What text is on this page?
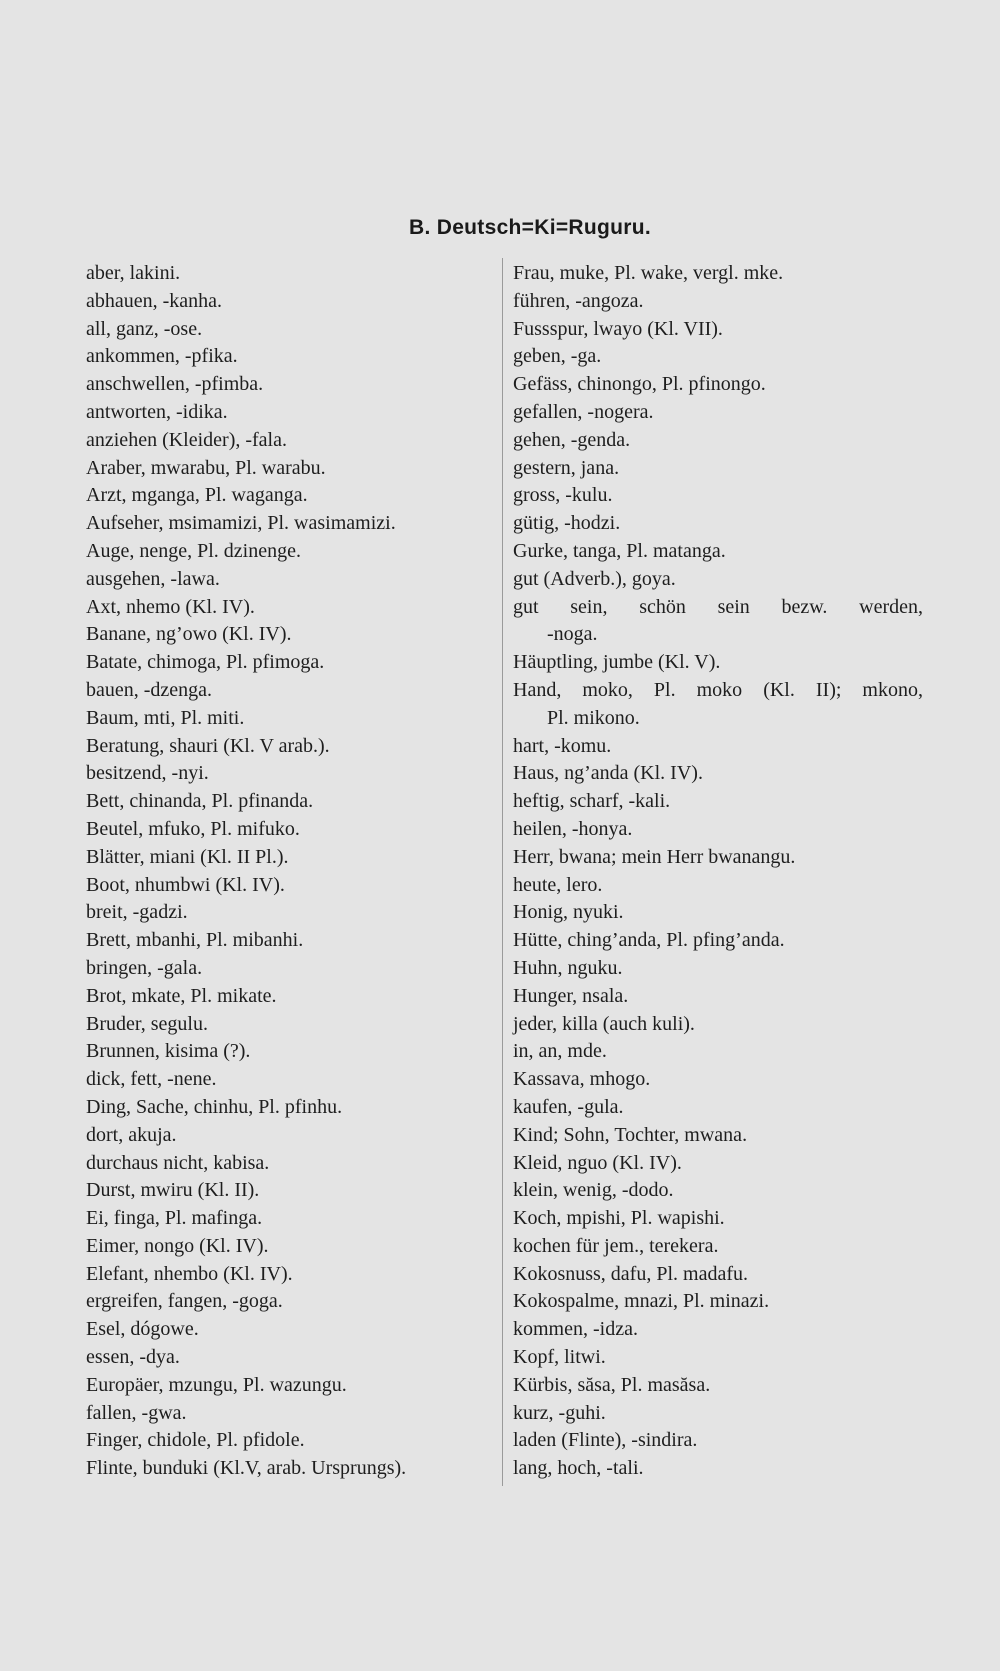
B. Deutsch=Ki=Ruguru.
aber, lakini.
abhauen, -kanha.
all, ganz, -ose.
ankommen, -pfika.
anschwellen, -pfimba.
antworten, -idika.
anziehen (Kleider), -fala.
Araber, mwarabu, Pl. warabu.
Arzt, mganga, Pl. waganga.
Aufseher, msimamizi, Pl. wasimamizi.
Auge, nenge, Pl. dzinenge.
ausgehen, -lawa.
Axt, nhemo (Kl. IV).
Banane, ng’owo (Kl. IV).
Batate, chimoga, Pl. pfimoga.
bauen, -dzenga.
Baum, mti, Pl. miti.
Beratung, shauri (Kl. V arab.).
besitzend, -nyi.
Bett, chinanda, Pl. pfinanda.
Beutel, mfuko, Pl. mifuko.
Blätter, miani (Kl. II Pl.).
Boot, nhumbwi (Kl. IV).
breit, -gadzi.
Brett, mbanhi, Pl. mibanhi.
bringen, -gala.
Brot, mkate, Pl. mikate.
Bruder, segulu.
Brunnen, kisima (?).
dick, fett, -nene.
Ding, Sache, chinhu, Pl. pfinhu.
dort, akuja.
durchaus nicht, kabisa.
Durst, mwiru (Kl. II).
Ei, finga, Pl. mafinga.
Eimer, nongo (Kl. IV).
Elefant, nhembo (Kl. IV).
ergreifen, fangen, -goga.
Esel, dógowe.
essen, -dya.
Europäer, mzungu, Pl. wazungu.
fallen, -gwa.
Finger, chidole, Pl. pfidole.
Flinte, bunduki (Kl.V, arab. Ursprungs).
Frau, muke, Pl. wake, vergl. mke.
führen, -angoza.
Fussspur, lwayo (Kl. VII).
geben, -ga.
Gefäss, chinongo, Pl. pfinongo.
gefallen, -nogera.
gehen, -genda.
gestern, jana.
gross, -kulu.
gütig, -hodzi.
Gurke, tanga, Pl. matanga.
gut (Adverb.), goya.
gut sein, schön sein bezw. werden,
-noga.
Häuptling, jumbe (Kl. V).
Hand, moko, Pl. moko (Kl. II); mkono,
Pl. mikono.
hart, -komu.
Haus, ng’anda (Kl. IV).
heftig, scharf, -kali.
heilen, -honya.
Herr, bwana; mein Herr bwanangu.
heute, lero.
Honig, nyuki.
Hütte, ching’anda, Pl. pfing’anda.
Huhn, nguku.
Hunger, nsala.
jeder, killa (auch kuli).
in, an, mde.
Kassava, mhogo.
kaufen, -gula.
Kind; Sohn, Tochter, mwana.
Kleid, nguo (Kl. IV).
klein, wenig, -dodo.
Koch, mpishi, Pl. wapishi.
kochen für jem., terekera.
Kokosnuss, dafu, Pl. madafu.
Kokospalme, mnazi, Pl. minazi.
kommen, -idza.
Kopf, litwi.
Kürbis, săsa, Pl. masăsa.
kurz, -guhi.
laden (Flinte), -sindira.
lang, hoch, -tali.
